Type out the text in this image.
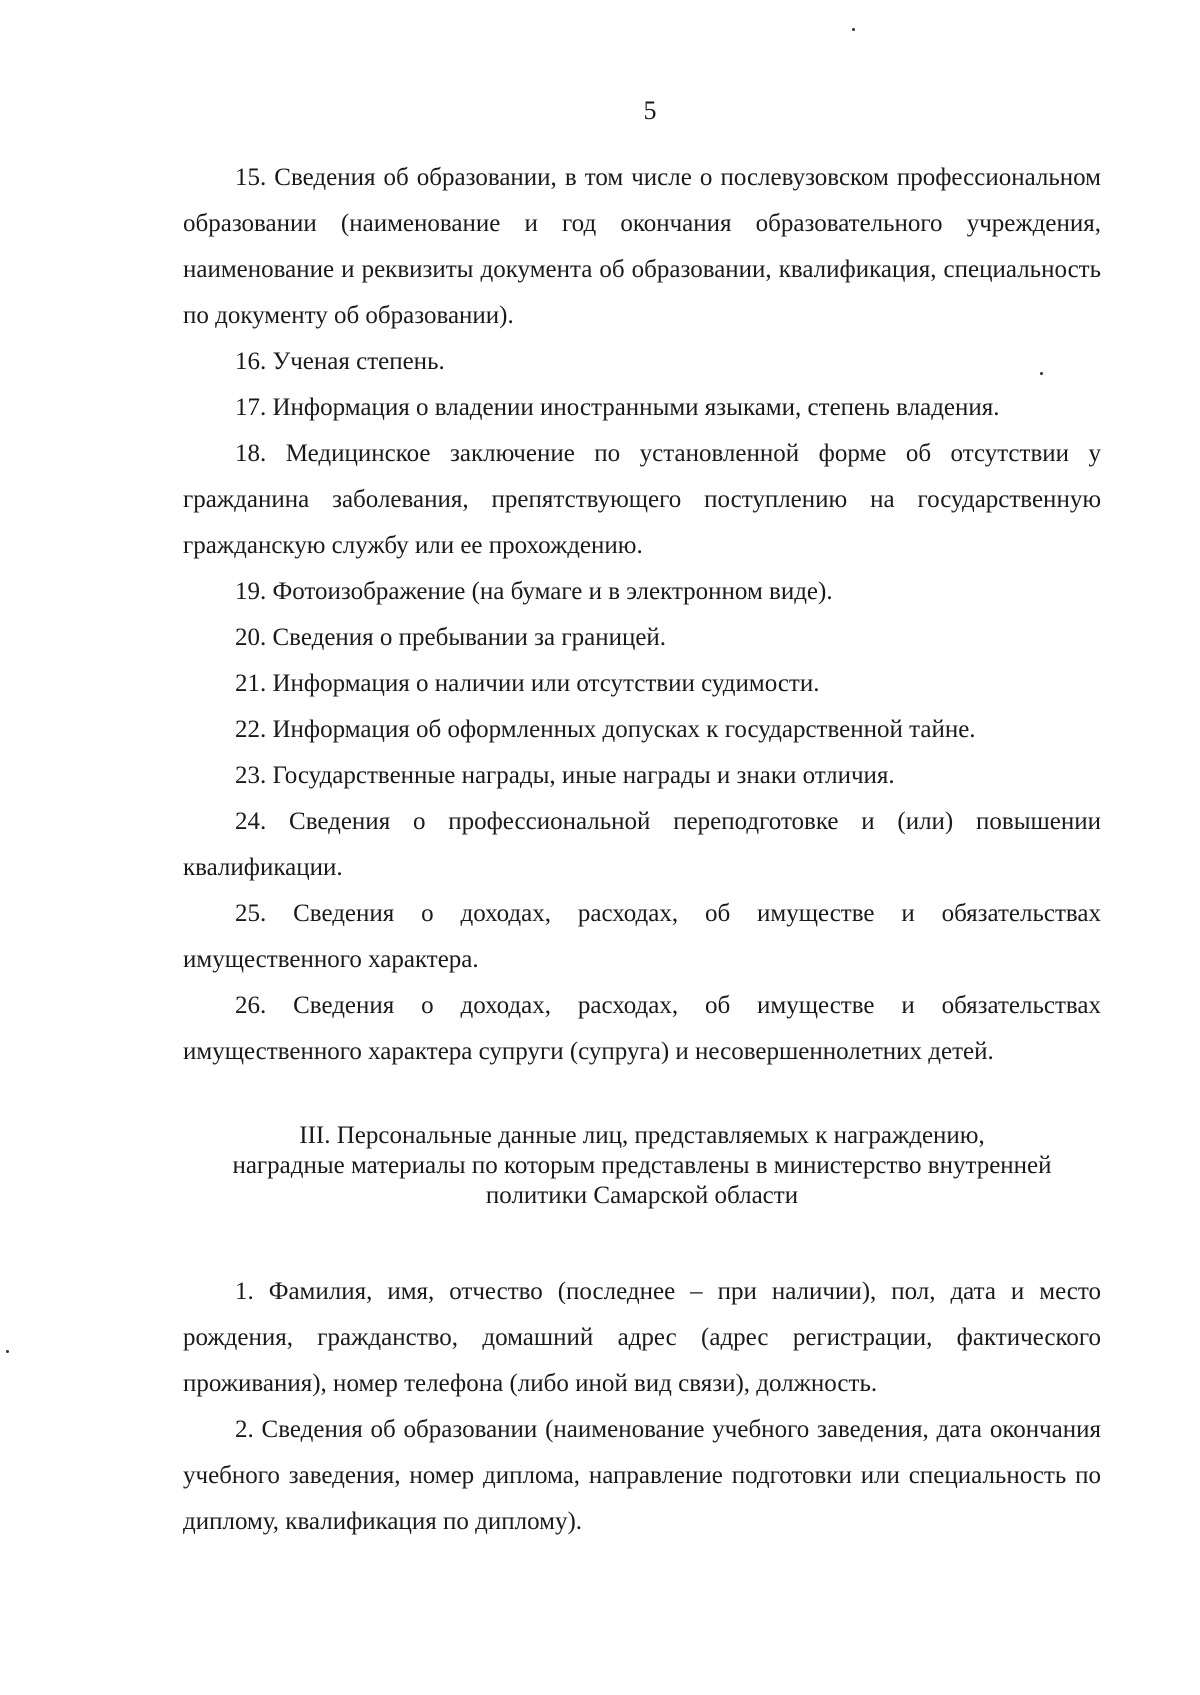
5

15. Сведения об образовании, в том числе о послевузовском профессиональном образовании (наименование и год окончания образовательного учреждения, наименование и реквизиты документа об образовании, квалификация, специальность по документу об образовании).

16. Ученая степень.

17. Информация о владении иностранными языками, степень владения.

18. Медицинское заключение по установленной форме об отсутствии у гражданина заболевания, препятствующего поступлению на государственную гражданскую службу или ее прохождению.

19. Фотоизображение (на бумаге и в электронном виде).

20. Сведения о пребывании за границей.

21. Информация о наличии или отсутствии судимости.

22. Информация об оформленных допусках к государственной тайне.

23. Государственные награды, иные награды и знаки отличия.

24. Сведения о профессиональной переподготовке и (или) повышении квалификации.

25. Сведения о доходах, расходах, об имуществе и обязательствах имущественного характера.

26. Сведения о доходах, расходах, об имуществе и обязательствах имущественного характера супруги (супруга) и несовершеннолетних детей.

III. Персональные данные лиц, представляемых к награждению,
наградные материалы по которым представлены в министерство внутренней
политики Самарской области

1. Фамилия, имя, отчество (последнее – при наличии), пол, дата и место рождения, гражданство, домашний адрес (адрес регистрации, фактического проживания), номер телефона (либо иной вид связи), должность.

2. Сведения об образовании (наименование учебного заведения, дата окончания учебного заведения, номер диплома, направление подготовки или специальность по диплому, квалификация по диплому).
